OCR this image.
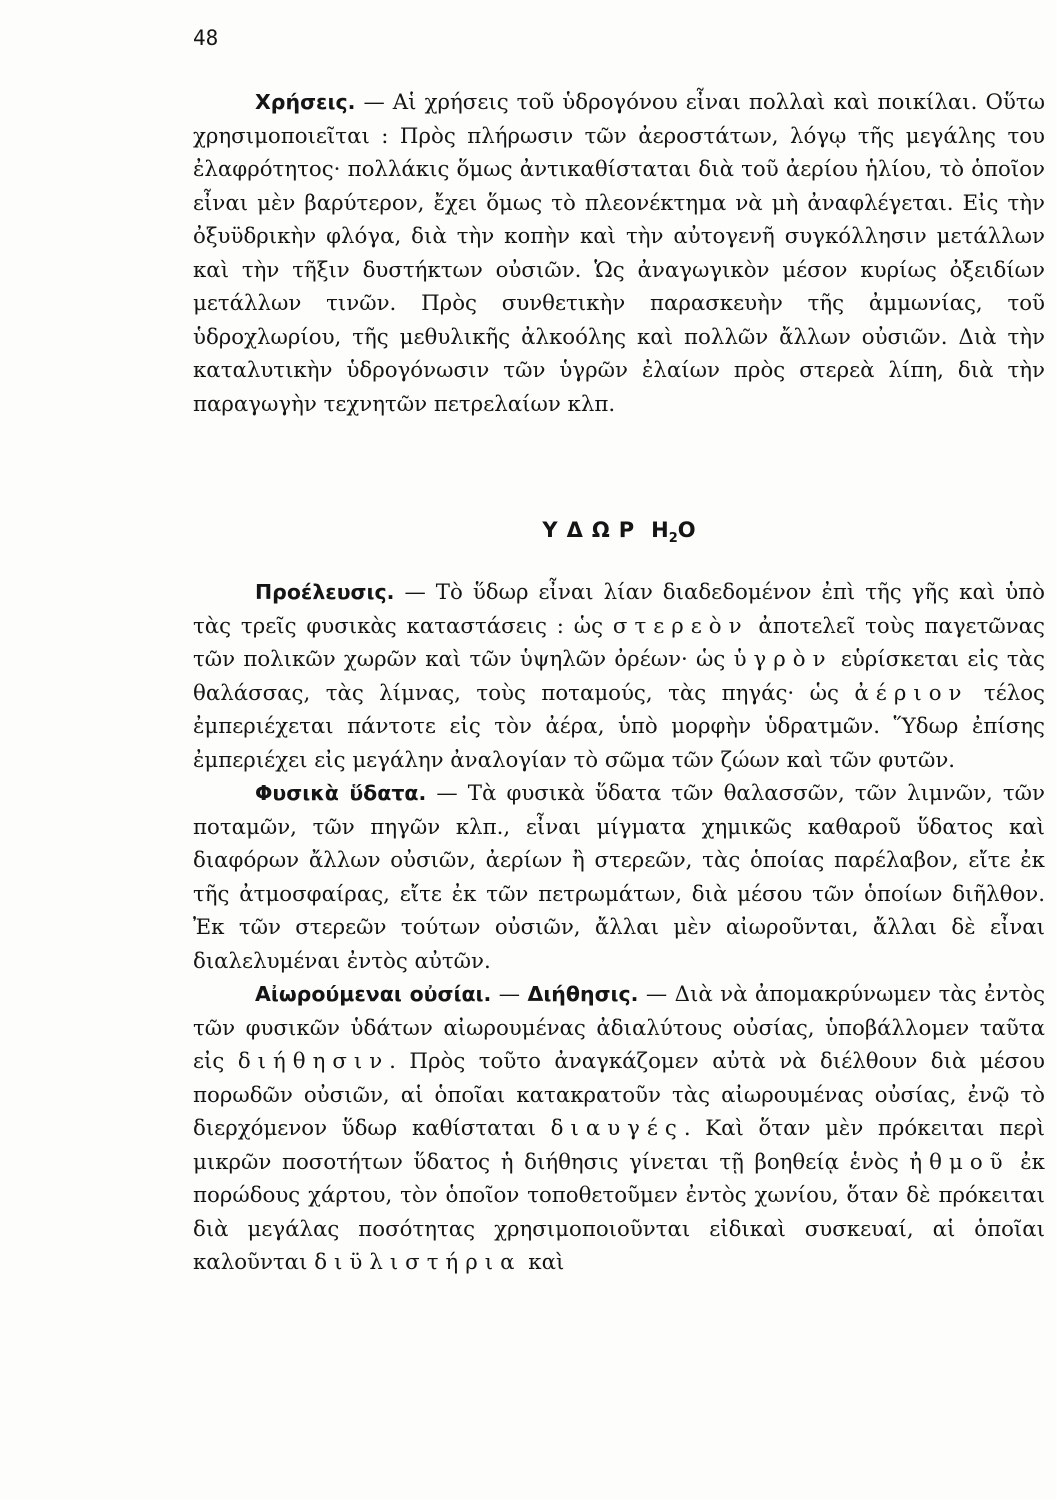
48

Χρήσεις. — Αἱ χρήσεις τοῦ ὑδρογόνου εἶναι πολλαὶ καὶ ποικίλαι. Οὕτω χρησιμοποιεῖται : Πρὸς πλήρωσιν τῶν ἀεροστάτων, λόγῳ τῆς μεγάλης του ἐλαφρότητος· πολλάκις ὅμως ἀντικαθίσταται διὰ τοῦ ἀερίου ἡλίου, τὸ ὁποῖον εἶναι μὲν βαρύτερον, ἔχει ὅμως τὸ πλεονέκτημα νὰ μὴ ἀναφλέγεται. Εἰς τὴν ὀξυϋδρικὴν φλόγα, διὰ τὴν κοπὴν καὶ τὴν αὐτογενῆ συγκόλλησιν μετάλλων καὶ τὴν τῆξιν δυστήκτων οὐσιῶν. Ὡς ἀναγωγικὸν μέσον κυρίως ὀξειδίων μετάλλων τινῶν. Πρὸς συνθετικὴν παρασκευὴν τῆς ἀμμωνίας, τοῦ ὑδροχλωρίου, τῆς μεθυλικῆς ἀλκοόλης καὶ πολλῶν ἄλλων οὐσιῶν. Διὰ τὴν καταλυτικὴν ὑδρογόνωσιν τῶν ὑγρῶν ἐλαίων πρὸς στερεὰ λίπη, διὰ τὴν παραγωγὴν τεχνητῶν πετρελαίων κλπ.

ΥΔΩΡ $H_2O$

Προέλευσις. — Τὸ ὕδωρ εἶναι λίαν διαδεδομένον ἐπὶ τῆς γῆς καὶ ὑπὸ τὰς τρεῖς φυσικὰς καταστάσεις : ὡς στερεὸν ἀποτελεῖ τοὺς παγετῶνας τῶν πολικῶν χωρῶν καὶ τῶν ὑψηλῶν ὀρέων· ὡς ὑγρὸν εὑρίσκεται εἰς τὰς θαλάσσας, τὰς λίμνας, τοὺς ποταμούς, τὰς πηγάς· ὡς ἀέριον τέλος ἐμπεριέχεται πάντοτε εἰς τὸν ἀέρα, ὑπὸ μορφὴν ὑδρατμῶν. Ὕδωρ ἐπίσης ἐμπεριέχει εἰς μεγάλην ἀναλογίαν τὸ σῶμα τῶν ζώων καὶ τῶν φυτῶν.

Φυσικὰ ὕδατα. — Τὰ φυσικὰ ὕδατα τῶν θαλασσῶν, τῶν λιμνῶν, τῶν ποταμῶν, τῶν πηγῶν κλπ., εἶναι μίγματα χημικῶς καθαροῦ ὕδατος καὶ διαφόρων ἄλλων οὐσιῶν, ἀερίων ἢ στερεῶν, τὰς ὁποίας παρέλαβον, εἴτε ἐκ τῆς ἀτμοσφαίρας, εἴτε ἐκ τῶν πετρωμάτων, διὰ μέσου τῶν ὁποίων διῆλθον. Ἐκ τῶν στερεῶν τούτων οὐσιῶν, ἄλλαι μὲν αἰωροῦνται, ἄλλαι δὲ εἶναι διαλελυμέναι ἐντὸς αὐτῶν.

Αἰωρούμεναι οὐσίαι. — Διήθησις. — Διὰ νὰ ἀπομακρύνωμεν τὰς ἐντὸς τῶν φυσικῶν ὑδάτων αἰωρουμένας ἀδιαλύτους οὐσίας, ὑποβάλλομεν ταῦτα εἰς διήθησιν. Πρὸς τοῦτο ἀναγκάζομεν αὐτὰ νὰ διέλθουν διὰ μέσου πορωδῶν οὐσιῶν, αἱ ὁποῖαι κατακρατοῦν τὰς αἰωρουμένας οὐσίας, ἐνῷ τὸ διερχόμενον ὕδωρ καθίσταται διαυγές. Καὶ ὅταν μὲν πρόκειται περὶ μικρῶν ποσοτήτων ὕδατος ἡ διήθησις γίνεται τῇ βοηθείᾳ ἑνὸς ἠθμοῦ ἐκ πορώδους χάρτου, τὸν ὁποῖον τοποθετοῦμεν ἐντὸς χωνίου, ὅταν δὲ πρόκειται διὰ μεγάλας ποσότητας χρησιμοποιοῦνται εἰδικαὶ συσκευαί, αἱ ὁποῖαι καλοῦνται διϋλιστήρια καὶ
